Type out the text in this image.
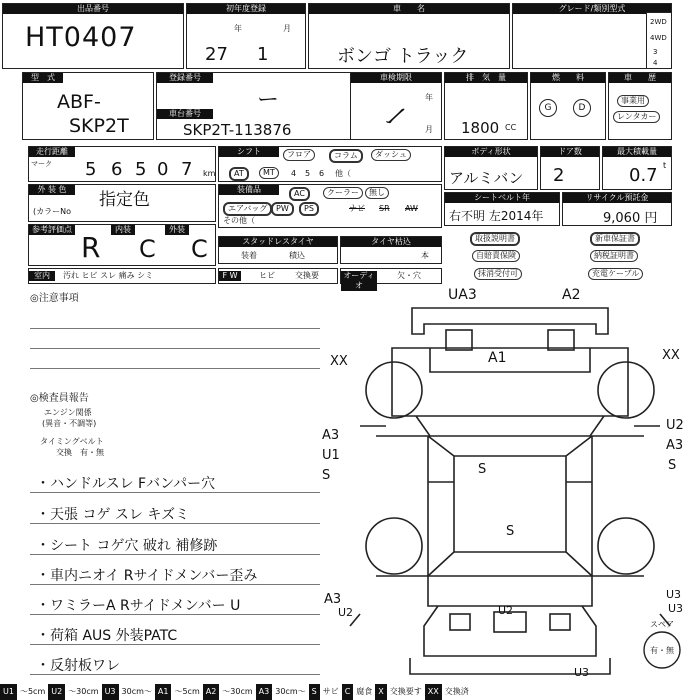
出品番号
HT0407
初年度登録
年	月
27 1
車　　名
ボンゴ トラック
グレード/類別型式
2WD
4WD
3
4
型　式
ABF-
SKP2T
登録番号
ー
車台番号
SKP2T-113876
車検期限
年
月
ー
排　気　量
1800 CC
燃　　料
G	D
車　　歴
事業用
レンタカー
走行距離
マーク 5 6 5 0 7 km
シフト	フロア	コラム	ダッシュ
AT	MT	4 5 6 他（
ボディ形状
アルミバン
ドア数
2
最大積載量
0.7 t
外 装 色
指定色
(カラーNo
装備品	AC	クーラー	無し
エアバッグ	PW	PS	ナビ SR AW
その他（
シートベルト年
右不明 左2014年
リサイクル預託金
9,060 円
参考評価点
R
内装
C
外装
C	スタッドレスタイヤ
装着	積込
タイヤ枯込
本
取扱説明書	新車保証書
自賠責保険	納税証明書
抹消受付可	充電ケーブル
室内	汚れ ヒビ スレ 痛み シミ	F W	ヒビ	交換要	オーディオ
欠・穴
◎注意事項
◎検査員報告
エンジン関係
(異音・不調等)
タイミングベルト
交換　有・無
・ハンドルスレ Fバンパー穴
・天張 コゲ スレ キズミ
・シート コゲ穴 破れ 補修跡
・車内ニオイ Rサイドメンバー歪み
・ワミラーA Rサイドメンバー U
・荷箱 AUS 外装PATC
・反射板ワレ
UA3	A2
XX	A1	XX
A3
U1
S
U2
A3
S
S
S
A3
U2	U2
U3
U3
U3
スペア
有・無
U1 ～5cm U2 ～30cm U3 30cm～ A1 ～5cm A2 ～30cm A3 30cm～ S サビ C 腐食 X 交換要す XX 交換済
